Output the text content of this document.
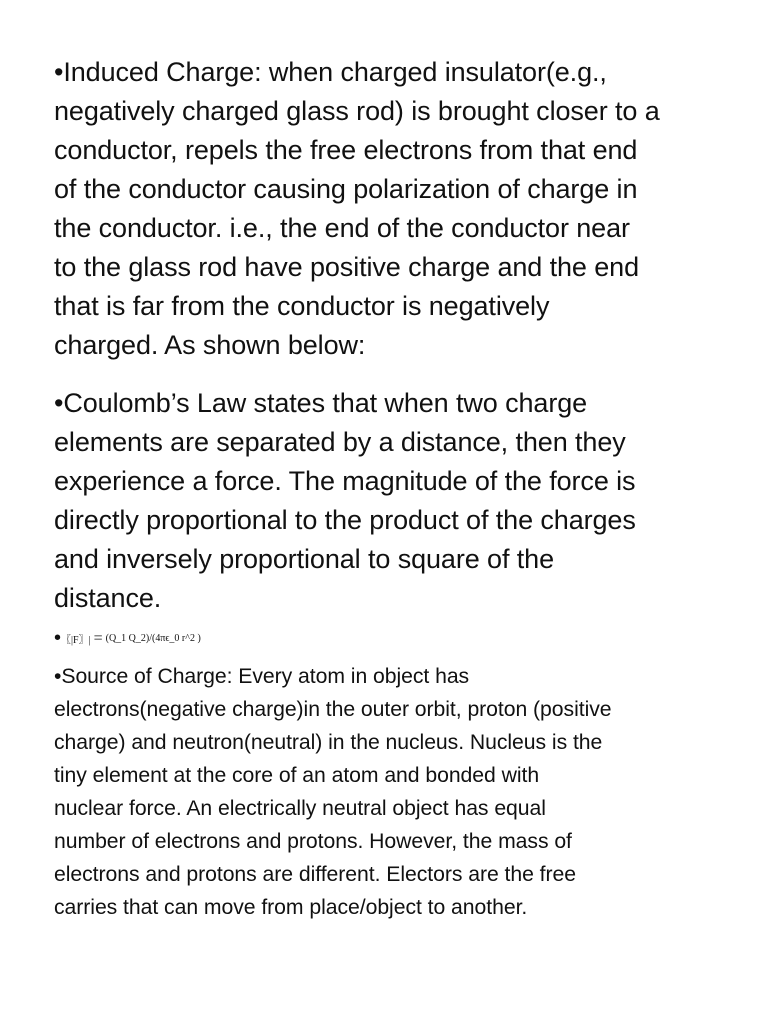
•Induced Charge: when charged insulator(e.g.,
negatively charged glass rod) is brought closer to a
conductor, repels the free electrons from that end
of the conductor causing polarization of charge in
the conductor. i.e., the end of the conductor near
to the glass rod have positive charge and the end
that is far from the conductor is negatively
charged. As shown below:
•Coulomb’s Law states that when two charge
elements are separated by a distance, then they
experience a force. The magnitude of the force is
directly proportional to the product of the charges
and inversely proportional to square of the
distance.
•〖|F〗| = (Q_1 Q_2)/(4πϵ_0 r^2 )
•Source of Charge: Every atom in object has
electrons(negative charge)in the outer orbit, proton (positive
charge) and neutron(neutral) in the nucleus. Nucleus is the
tiny element at the core of an atom and bonded with
nuclear force. An electrically neutral object has equal
number of electrons and protons. However, the mass of
electrons and protons are different. Electors are the free
carries that can move from place/object to another.
